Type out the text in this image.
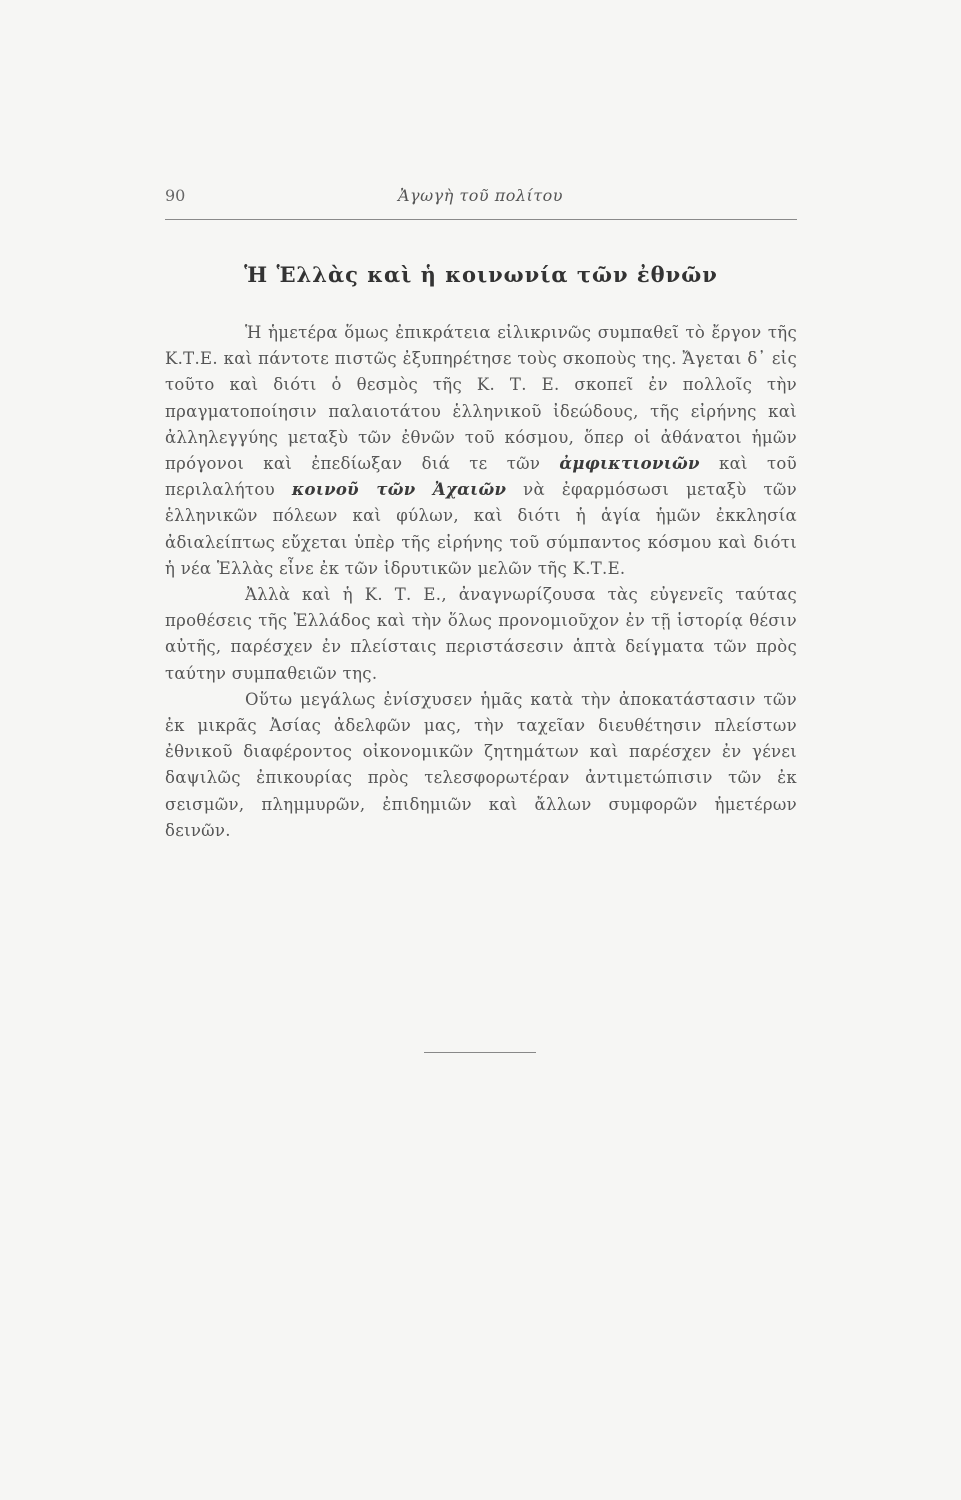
90	Ἀγωγὴ τοῦ πολίτου
Ἡ Ἑλλὰς καὶ ἡ κοινωνία τῶν ἐθνῶν

Ἡ ἡμετέρα ὅμως ἐπικράτεια εἰλικρινῶς συμπαθεῖ τὸ ἔργον τῆς Κ.Τ.Ε. καὶ πάντοτε πιστῶς ἐξυπηρέτησε τοὺς σκοποὺς της. Ἄγεται δ᾽ εἰς τοῦτο καὶ διότι ὁ θεσμὸς τῆς Κ. Τ. Ε. σκοπεῖ ἐν πολλοῖς τὴν πραγματοποίησιν παλαιοτάτου ἑλληνικοῦ ἰδεώδους, τῆς εἰρήνης καὶ ἀλληλεγγύης μεταξὺ τῶν ἐθνῶν τοῦ κόσμου, ὅπερ οἱ ἀθάνατοι ἡμῶν πρόγονοι καὶ ἐπεδίωξαν διά τε τῶν ἀμφικτιονιῶν καὶ τοῦ περιλαλήτου κοινοῦ τῶν Ἀχαιῶν νὰ ἐφαρμόσωσι μεταξὺ τῶν ἑλληνικῶν πόλεων καὶ φύλων, καὶ διότι ἡ ἁγία ἡμῶν ἐκκλησία ἀδιαλείπτως εὔχεται ὑπὲρ τῆς εἰρήνης τοῦ σύμπαντος κόσμου καὶ διότι ἡ νέα Ἑλλὰς εἶνε ἐκ τῶν ἱδρυτικῶν μελῶν τῆς Κ.Τ.Ε.

Ἀλλὰ καὶ ἡ Κ. Τ. Ε., ἀναγνωρίζουσα τὰς εὐγενεῖς ταύτας προθέσεις τῆς Ἑλλάδος καὶ τὴν ὅλως προνομιοῦχον ἐν τῇ ἱστορίᾳ θέσιν αὐτῆς, παρέσχεν ἐν πλείσταις περιστάσεσιν ἁπτὰ δείγματα τῶν πρὸς ταύτην συμπαθειῶν της.

Οὕτω μεγάλως ἐνίσχυσεν ἡμᾶς κατὰ τὴν ἀποκατάστασιν τῶν ἐκ μικρᾶς Ἀσίας ἀδελφῶν μας, τὴν ταχεῖαν διευθέτησιν πλείστων ἐθνικοῦ διαφέροντος οἰκονομικῶν ζητημάτων καὶ παρέσχεν ἐν γένει δαψιλῶς ἐπικουρίας πρὸς τελεσφορωτέραν ἀντιμετώπισιν τῶν ἐκ σεισμῶν, πλημμυρῶν, ἐπιδημιῶν καὶ ἄλλων συμφορῶν ἡμετέρων δεινῶν.
